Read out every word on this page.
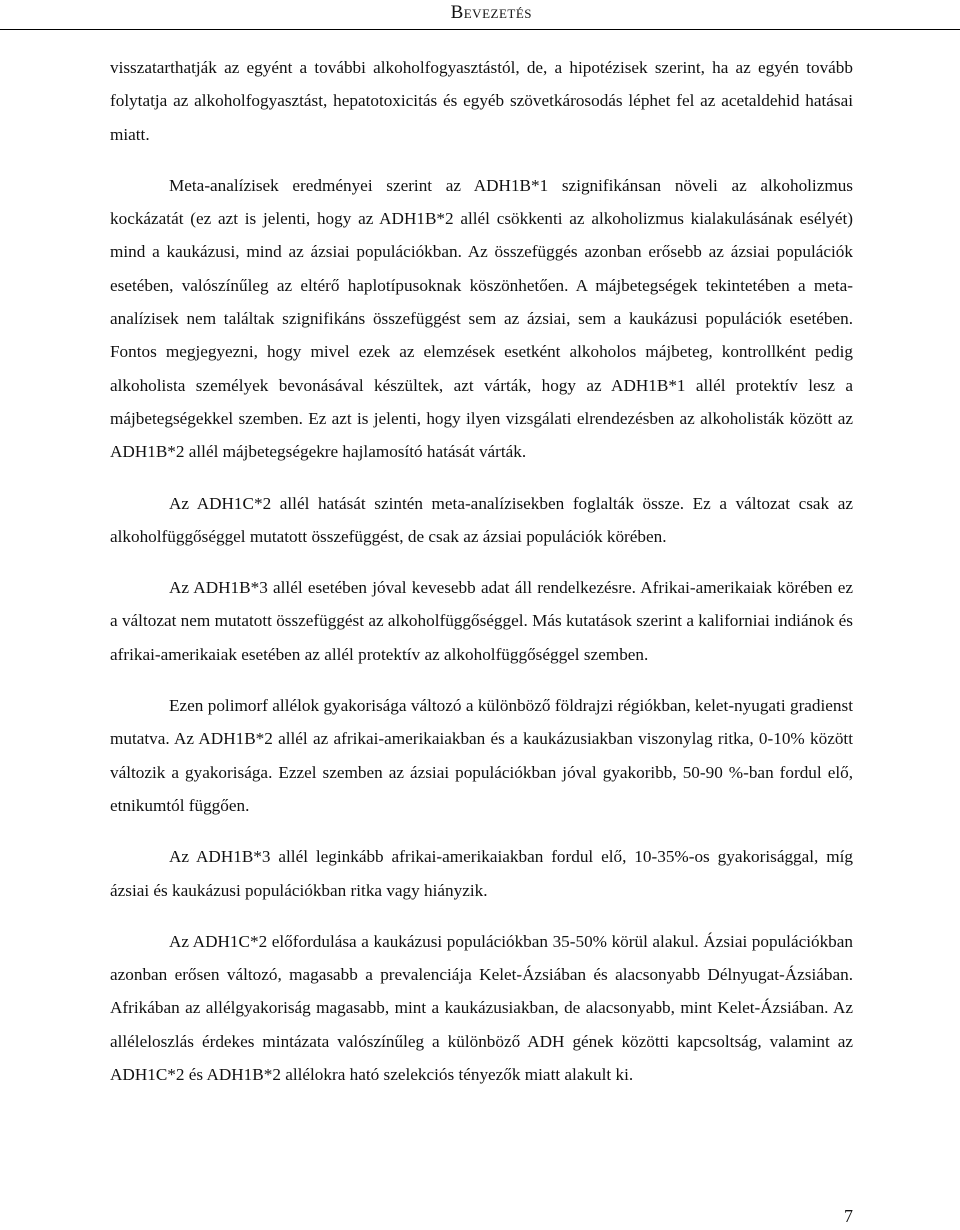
Bevezetés

visszatarthatják az egyént a további alkoholfogyasztástól, de, a hipotézisek szerint, ha az egyén tovább folytatja az alkoholfogyasztást, hepatotoxicitás és egyéb szövetkárosodás léphet fel az acetaldehid hatásai miatt.

Meta-analízisek eredményei szerint az ADH1B*1 szignifikánsan növeli az alkoholizmus kockázatát (ez azt is jelenti, hogy az ADH1B*2 allél csökkenti az alkoholizmus kialakulásának esélyét) mind a kaukázusi, mind az ázsiai populációkban. Az összefüggés azonban erősebb az ázsiai populációk esetében, valószínűleg az eltérő haplotípusoknak köszönhetően. A májbetegségek tekintetében a meta-analízisek nem találtak szignifikáns összefüggést sem az ázsiai, sem a kaukázusi populációk esetében. Fontos megjegyezni, hogy mivel ezek az elemzések esetként alkoholos májbeteg, kontrollként pedig alkoholista személyek bevonásával készültek, azt várták, hogy az ADH1B*1 allél protektív lesz a májbetegségekkel szemben. Ez azt is jelenti, hogy ilyen vizsgálati elrendezésben az alkoholisták között az ADH1B*2 allél májbetegségekre hajlamosító hatását várták.

Az ADH1C*2 allél hatását szintén meta-analízisekben foglalták össze. Ez a változat csak az alkoholfüggőséggel mutatott összefüggést, de csak az ázsiai populációk körében.

Az ADH1B*3 allél esetében jóval kevesebb adat áll rendelkezésre. Afrikai-amerikaiak körében ez a változat nem mutatott összefüggést az alkoholfüggőséggel. Más kutatások szerint a kaliforniai indiánok és afrikai-amerikaiak esetében az allél protektív az alkoholfüggőséggel szemben.

Ezen polimorf allélok gyakorisága változó a különböző földrajzi régiókban, kelet-nyugati gradienst mutatva. Az ADH1B*2 allél az afrikai-amerikaiakban és a kaukázusiakban viszonylag ritka, 0-10% között változik a gyakorisága. Ezzel szemben az ázsiai populációkban jóval gyakoribb, 50-90 %-ban fordul elő, etnikumtól függően.

Az ADH1B*3 allél leginkább afrikai-amerikaiakban fordul elő, 10-35%-os gyakorisággal, míg ázsiai és kaukázusi populációkban ritka vagy hiányzik.

Az ADH1C*2 előfordulása a kaukázusi populációkban 35-50% körül alakul. Ázsiai populációkban azonban erősen változó, magasabb a prevalenciája Kelet-Ázsiában és alacsonyabb Délnyugat-Ázsiában. Afrikában az allélgyakoriság magasabb, mint a kaukázusiakban, de alacsonyabb, mint Kelet-Ázsiában. Az alléleloszlás érdekes mintázata valószínűleg a különböző ADH gének közötti kapcsoltság, valamint az ADH1C*2 és ADH1B*2 allélokra ható szelekciós tényezők miatt alakult ki.

7
